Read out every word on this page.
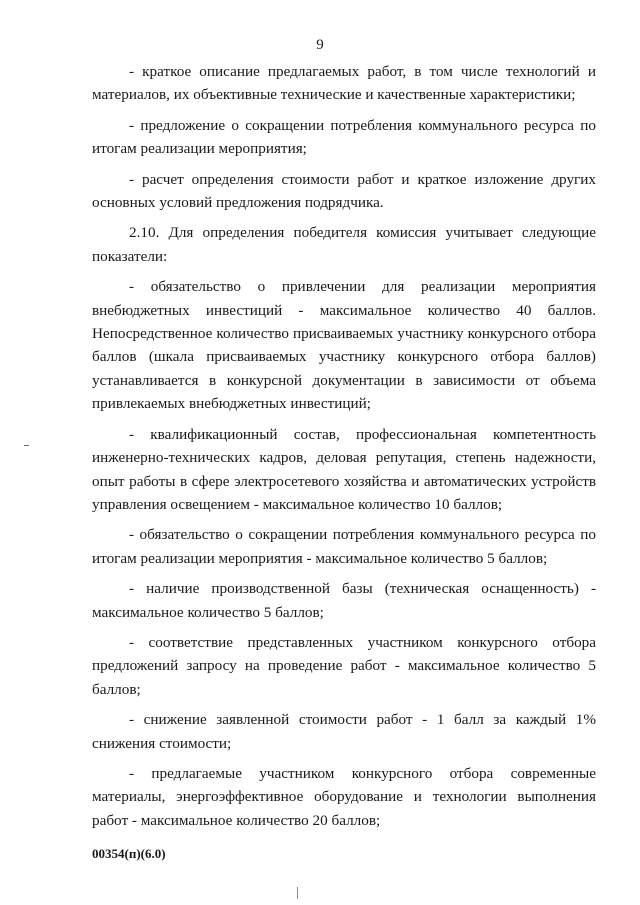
9

- краткое описание предлагаемых работ, в том числе технологий и материалов, их объективные технические и качественные характеристики;

- предложение о сокращении потребления коммунального ресурса по итогам реализации мероприятия;

- расчет определения стоимости работ и краткое изложение других основных условий предложения подрядчика.

2.10. Для определения победителя комиссия учитывает следующие показатели:

- обязательство о привлечении для реализации мероприятия внебюджетных инвестиций - максимальное количество 40 баллов. Непосредственное количество присваиваемых участнику конкурсного отбора баллов (шкала присваиваемых участнику конкурсного отбора баллов) устанавливается в конкурсной документации в зависимости от объема привлекаемых внебюджетных инвестиций;

- квалификационный состав, профессиональная компетентность инженерно-технических кадров, деловая репутация, степень надежности, опыт работы в сфере электросетевого хозяйства и автоматических устройств управления освещением - максимальное количество 10 баллов;

- обязательство о сокращении потребления коммунального ресурса по итогам реализации мероприятия - максимальное количество 5 баллов;

- наличие производственной базы (техническая оснащенность) - максимальное количество 5 баллов;

- соответствие представленных участником конкурсного отбора предложений запросу на проведение работ - максимальное количество 5 баллов;

- снижение заявленной стоимости работ - 1 балл за каждый 1% снижения стоимости;

- предлагаемые участником конкурсного отбора современные материалы, энергоэффективное оборудование и технологии выполнения работ - максимальное количество 20 баллов;

00354(п)(6.0)
